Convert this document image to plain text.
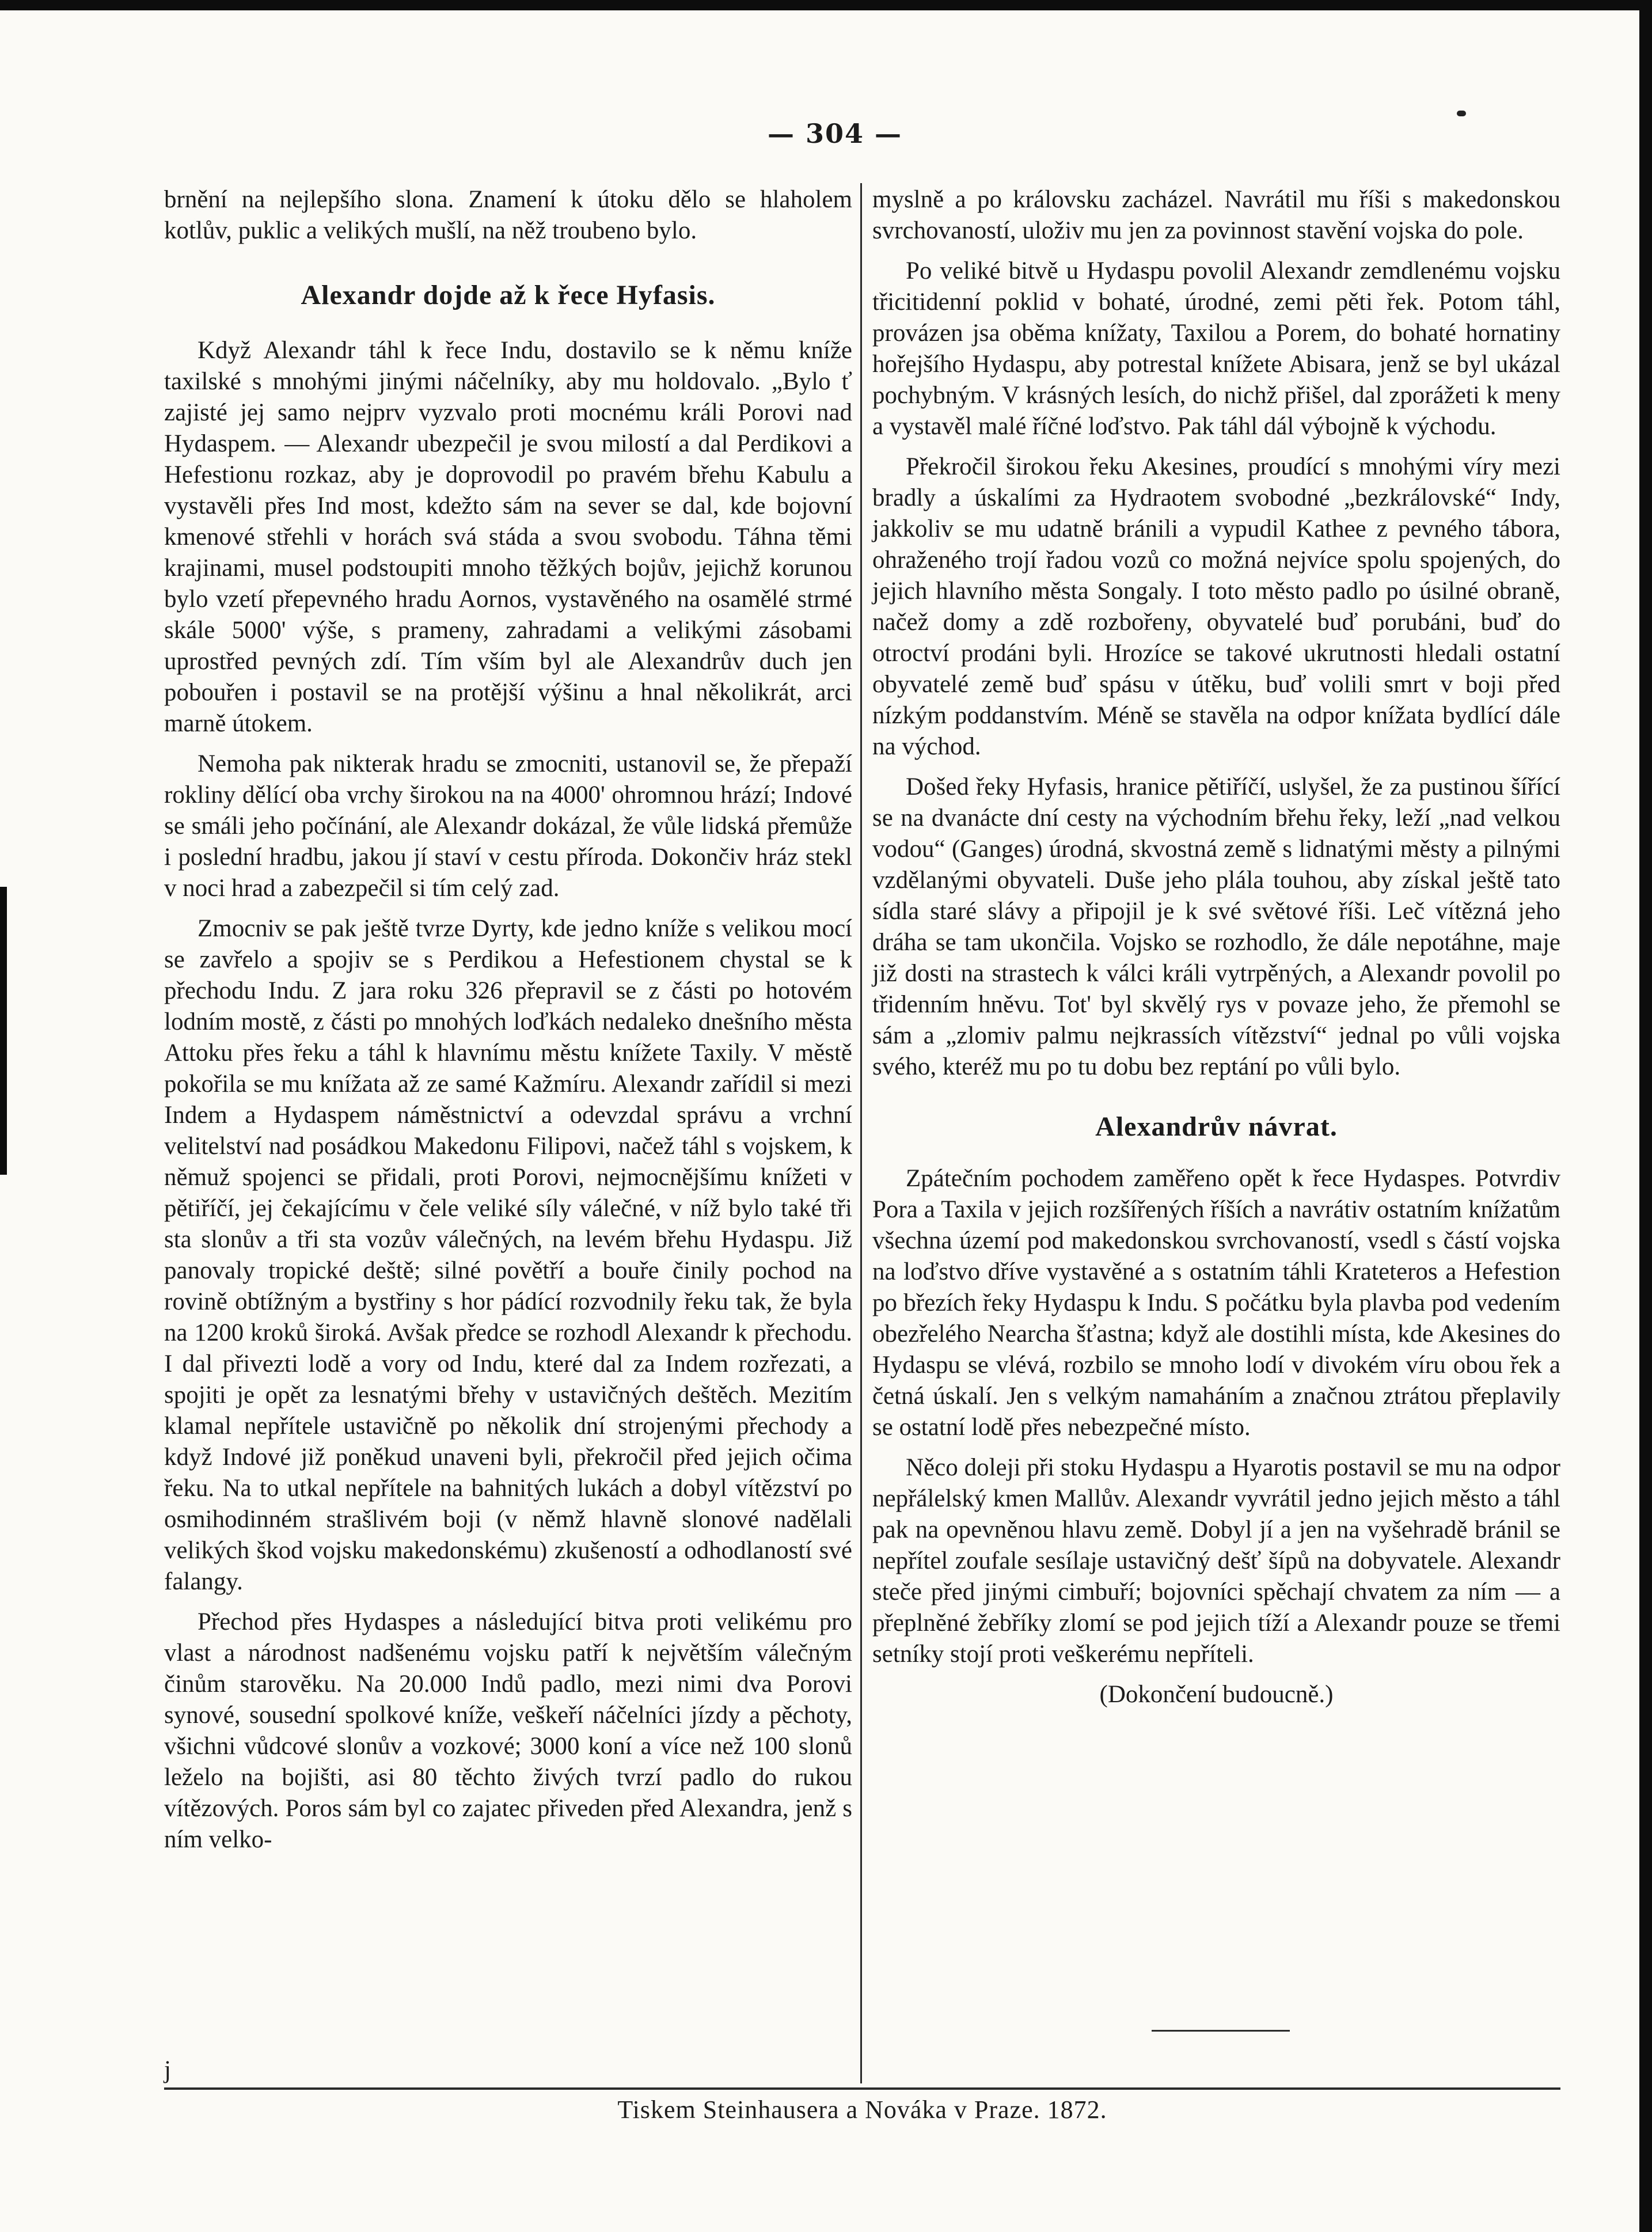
— 304 —

brnění na nejlepšího slona. Znamení k útoku dělo se hlaholem kotlův, puklic a velikých mušlí, na něž troubeno bylo.

Alexandr dojde až k řece Hyfasis.

Když Alexandr táhl k řece Indu, dostavilo se k němu kníže taxilské s mnohými jinými náčelníky, aby mu holdovalo. „Bylo ť zajisté jej samo nejprv vyzvalo proti mocnému králi Porovi nad Hydaspem. — Alexandr ubezpečil je svou milostí a dal Perdikovi a Hefestionu rozkaz, aby je doprovodil po pravém břehu Kabulu a vystavěli přes Ind most, kdežto sám na sever se dal, kde bojovní kmenové střehli v horách svá stáda a svou svobodu. Táhna těmi krajinami, musel podstoupiti mnoho těžkých bojův, jejichž korunou bylo vzetí přepevného hradu Aornos, vystavěného na osamělé strmé skále 5000' výše, s prameny, zahradami a velikými zásobami uprostřed pevných zdí. Tím vším byl ale Alexandrův duch jen pobouřen i postavil se na protější výšinu a hnal několikrát, arci marně útokem.

Nemoha pak nikterak hradu se zmocniti, ustanovil se, že přepaží rokliny dělící oba vrchy širokou na na 4000' ohromnou hrází; Indové se smáli jeho počínání, ale Alexandr dokázal, že vůle lidská přemůže i poslední hradbu, jakou jí staví v cestu příroda. Dokončiv hráz stekl v noci hrad a zabezpečil si tím celý zad.

Zmocniv se pak ještě tvrze Dyrty, kde jedno kníže s velikou mocí se zavřelo a spojiv se s Perdikou a Hefestionem chystal se k přechodu Indu. Z jara roku 326 přepravil se z části po hotovém lodním mostě, z části po mnohých loďkách nedaleko dnešního města Attoku přes řeku a táhl k hlavnímu městu knížete Taxily. V městě pokořila se mu knížata až ze samé Kažmíru. Alexandr zařídil si mezi Indem a Hydaspem náměstnictví a odevzdal správu a vrchní velitelství nad posádkou Makedonu Filipovi, načež táhl s vojskem, k němuž spojenci se přidali, proti Porovi, nejmocnějšímu knížeti v pětiříčí, jej čekajícímu v čele veliké síly válečné, v níž bylo také tři sta slonův a tři sta vozův válečných, na levém břehu Hydaspu. Již panovaly tropické deště; silné povětří a bouře činily pochod na rovině obtížným a bystřiny s hor pádící rozvodnily řeku tak, že byla na 1200 kroků široká. Avšak předce se rozhodl Alexandr k přechodu. I dal přivezti lodě a vory od Indu, které dal za Indem rozřezati, a spojiti je opět za lesnatými břehy v ustavičných deštěch. Mezitím klamal nepřítele ustavičně po několik dní strojenými přechody a když Indové již poněkud unaveni byli, překročil před jejich očima řeku. Na to utkal nepřítele na bahnitých lukách a dobyl vítězství po osmihodinném strašlivém boji (v němž hlavně slonové nadělali velikých škod vojsku makedonskému) zkušeností a odhodlaností své falangy.

Přechod přes Hydaspes a následující bitva proti velikému pro vlast a národnost nadšenému vojsku patří k největším válečným činům starověku. Na 20.000 Indů padlo, mezi nimi dva Porovi synové, sousední spolkové kníže, veškeří náčelníci jízdy a pěchoty, všichni vůdcové slonův a vozkové; 3000 koní a více než 100 slonů leželo na bojišti, asi 80 těchto živých tvrzí padlo do rukou vítězových. Poros sám byl co zajatec přiveden před Alexandra, jenž s ním velko-

myslně a po královsku zacházel. Navrátil mu říši s makedonskou svrchovaností, uloživ mu jen za povinnost stavění vojska do pole.

Po veliké bitvě u Hydaspu povolil Alexandr zemdlenému vojsku třicitidenní poklid v bohaté, úrodné, zemi pěti řek. Potom táhl, provázen jsa oběma knížaty, Taxilou a Porem, do bohaté hornatiny hořejšího Hydaspu, aby potrestal knížete Abisara, jenž se byl ukázal pochybným. V krásných lesích, do nichž přišel, dal zporážeti k meny a vystavěl malé říčné loďstvo. Pak táhl dál výbojně k východu.

Překročil širokou řeku Akesines, proudící s mnohými víry mezi bradly a úskalími za Hydraotem svobodné „bezkrálovské“ Indy, jakkoliv se mu udatně bránili a vypudil Kathee z pevného tábora, ohraženého trojí řadou vozů co možná nejvíce spolu spojených, do jejich hlavního města Songaly. I toto město padlo po úsilné obraně, načež domy a zdě rozbořeny, obyvatelé buď porubáni, buď do otroctví prodáni byli. Hrozíce se takové ukrutnosti hledali ostatní obyvatelé země buď spásu v útěku, buď volili smrt v boji před nízkým poddanstvím. Méně se stavěla na odpor knížata bydlící dále na východ.

Došed řeky Hyfasis, hranice pětiříčí, uslyšel, že za pustinou šířící se na dvanácte dní cesty na východním břehu řeky, leží „nad velkou vodou“ (Ganges) úrodná, skvostná země s lidnatými městy a pilnými vzdělanými obyvateli. Duše jeho plála touhou, aby získal ještě tato sídla staré slávy a připojil je k své světové říši. Leč vítězná jeho dráha se tam ukončila. Vojsko se rozhodlo, že dále nepotáhne, maje již dosti na strastech k válci králi vytrpěných, a Alexandr povolil po třidenním hněvu. Tot' byl skvělý rys v povaze jeho, že přemohl se sám a „zlomiv palmu nejkrassích vítězství“ jednal po vůli vojska svého, kteréž mu po tu dobu bez reptání po vůli bylo.

Alexandrův návrat.

Zpátečním pochodem zaměřeno opět k řece Hydaspes. Potvrdiv Pora a Taxila v jejich rozšířených říších a navrátiv ostatním knížatům všechna území pod makedonskou svrchovaností, vsedl s částí vojska na loďstvo dříve vystavěné a s ostatním táhli Krateteros a Hefestion po březích řeky Hydaspu k Indu. S počátku byla plavba pod vedením obezřelého Nearcha šťastna; když ale dostihli místa, kde Akesines do Hydaspu se vlévá, rozbilo se mnoho lodí v divokém víru obou řek a četná úskalí. Jen s velkým namaháním a značnou ztrátou přeplavily se ostatní lodě přes nebezpečné místo.

Něco doleji při stoku Hydaspu a Hyarotis postavil se mu na odpor nepřálelský kmen Mallův. Alexandr vyvrátil jedno jejich město a táhl pak na opevněnou hlavu země. Dobyl jí a jen na vyšehradě bránil se nepřítel zoufale sesílaje ustavičný dešť šípů na dobyvatele. Alexandr steče před jinými cimbuří; bojovníci spěchají chvatem za ním — a přeplněné žebříky zlomí se pod jejich tíží a Alexandr pouze se třemi setníky stojí proti veškerému nepříteli.

(Dokončení budoucně.)

j
Tiskem Steinhausera a Nováka v Praze. 1872.
